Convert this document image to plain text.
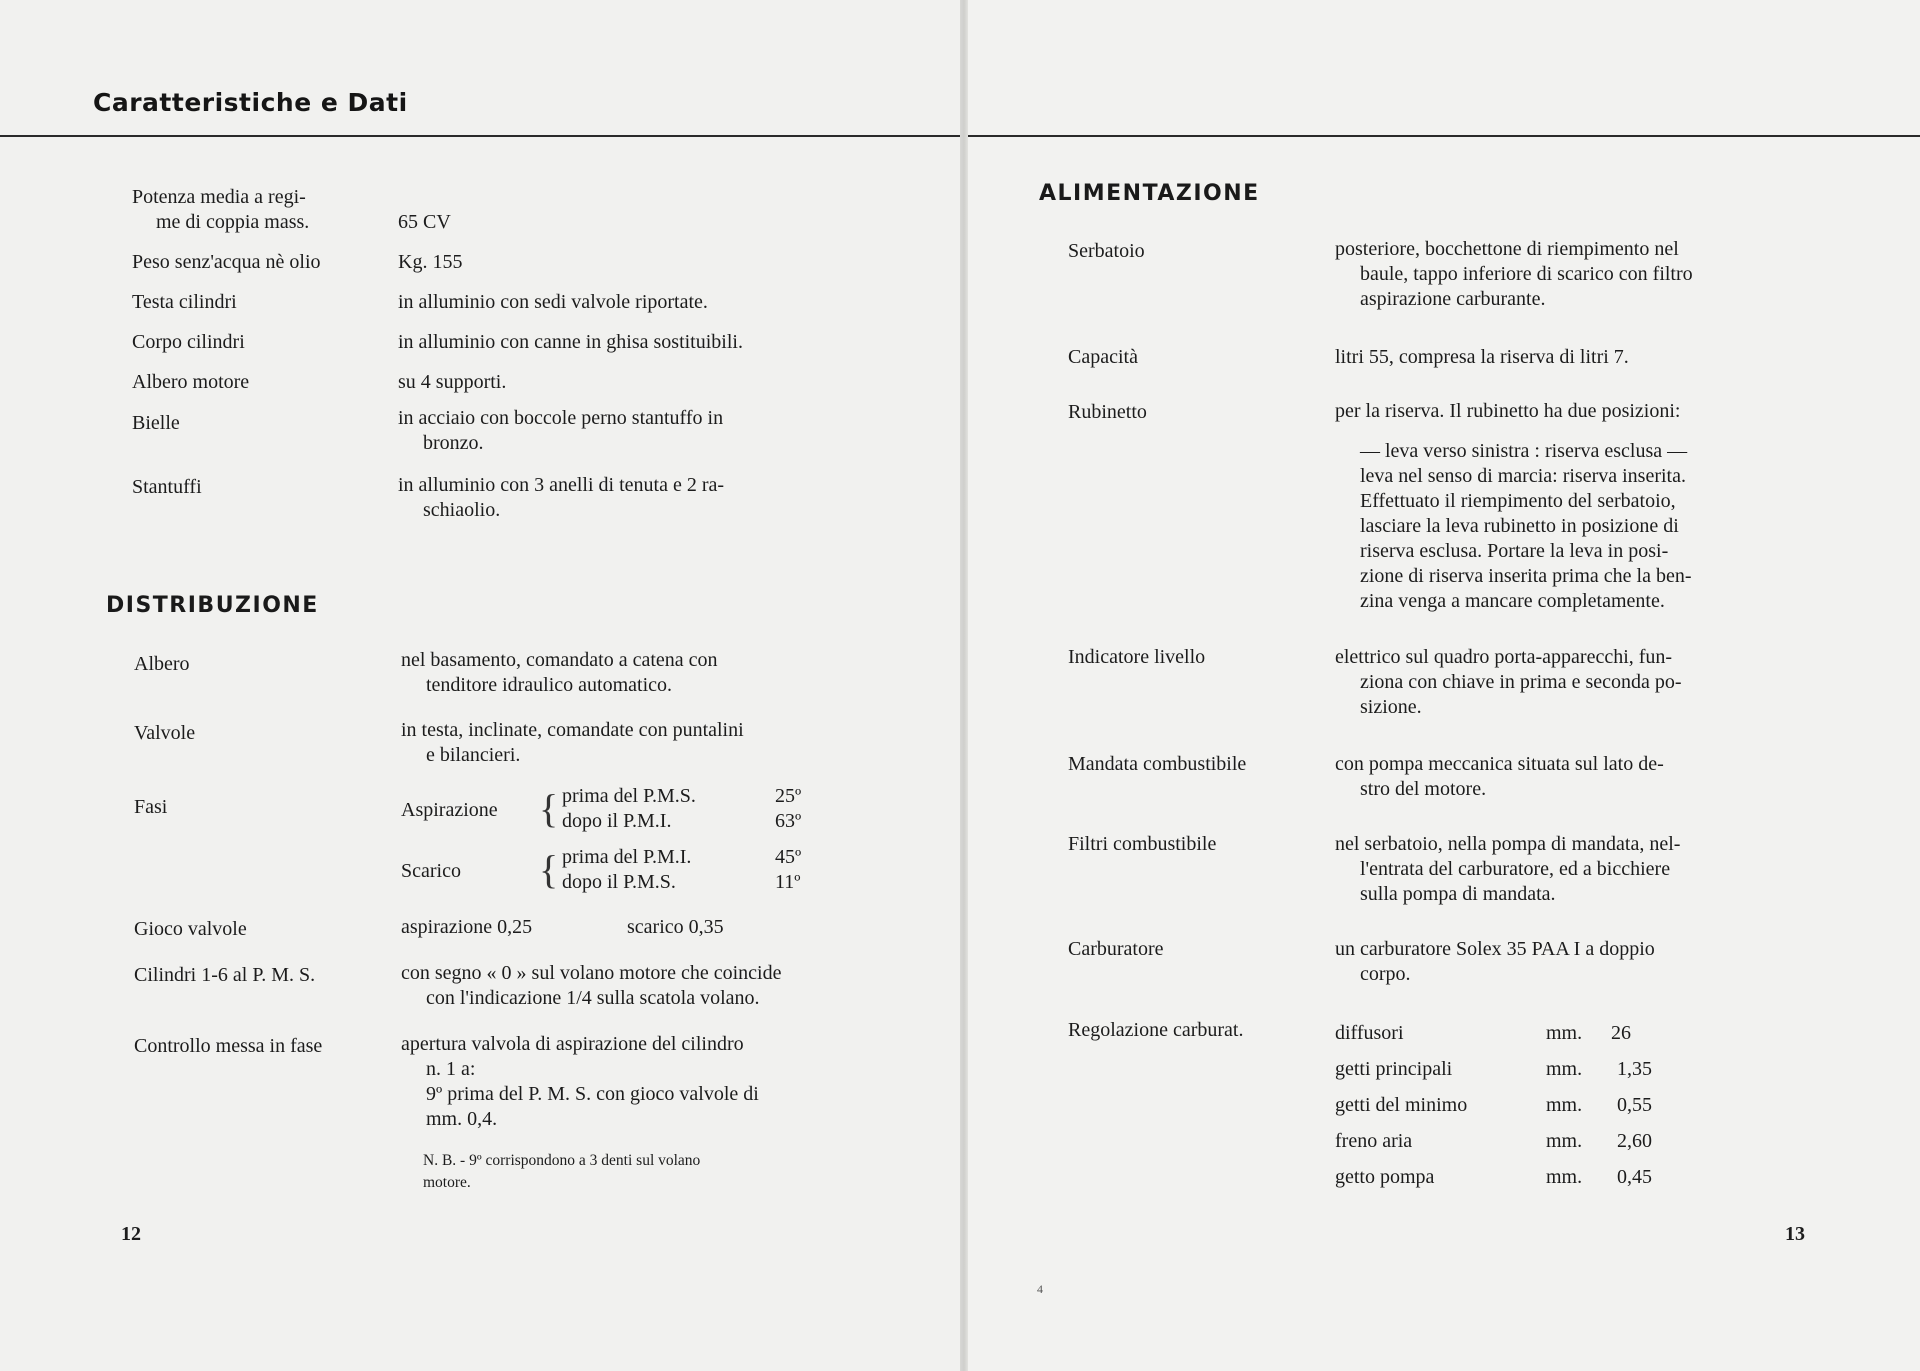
Caratteristiche e Dati
Potenza media a regi-
me di coppia mass.	65 CV
Peso senz'acqua nè olio	Kg. 155
Testa cilindri	in alluminio con sedi valvole riportate.
Corpo cilindri	in alluminio con canne in ghisa sostituibili.
Albero motore	su 4 supporti.
Bielle	in acciaio con boccole perno stantuffo in
bronzo.
Stantuffi	in alluminio con 3 anelli di tenuta e 2 ra-
schiaolio.
DISTRIBUZIONE
Albero	nel basamento, comandato a catena con
tenditore idraulico automatico.
Valvole	in testa, inclinate, comandate con puntalini
e bilancieri.
Fasi	Aspirazione { prima del P.M.S.	25º
dopo il P.M.I.	63º
Scarico { prima del P.M.I.	45º
dopo il P.M.S.	11º
Gioco valvole	aspirazione 0,25	scarico 0,35
Cilindri 1-6 al P. M. S.	con segno « 0 » sul volano motore che coincide
con l'indicazione 1/4 sulla scatola volano.
Controllo messa in fase	apertura valvola di aspirazione del cilindro
n. 1 a:
9º prima del P. M. S. con gioco valvole di
mm. 0,4.
N. B. - 9º corrispondono a 3 denti sul volano
motore.
12
ALIMENTAZIONE
Serbatoio	posteriore, bocchettone di riempimento nel
baule, tappo inferiore di scarico con filtro
aspirazione carburante.
Capacità	litri 55, compresa la riserva di litri 7.
Rubinetto	per la riserva. Il rubinetto ha due posizioni:
— leva verso sinistra : riserva esclusa —
leva nel senso di marcia: riserva inserita.
Effettuato il riempimento del serbatoio,
lasciare la leva rubinetto in posizione di
riserva esclusa. Portare la leva in posi-
zione di riserva inserita prima che la ben-
zina venga a mancare completamente.
Indicatore livello	elettrico sul quadro porta-apparecchi, fun-
ziona con chiave in prima e seconda po-
sizione.
Mandata combustibile	con pompa meccanica situata sul lato de-
stro del motore.
Filtri combustibile	nel serbatoio, nella pompa di mandata, nel-
l'entrata del carburatore, ed a bicchiere
sulla pompa di mandata.
Carburatore	un carburatore Solex 35 PAA I a doppio
corpo.
Regolazione carburat.	diffusori	mm. 26
getti principali	mm. 1,35
getti del minimo	mm. 0,55
freno aria	mm. 2,60
getto pompa	mm. 0,45
13
4
